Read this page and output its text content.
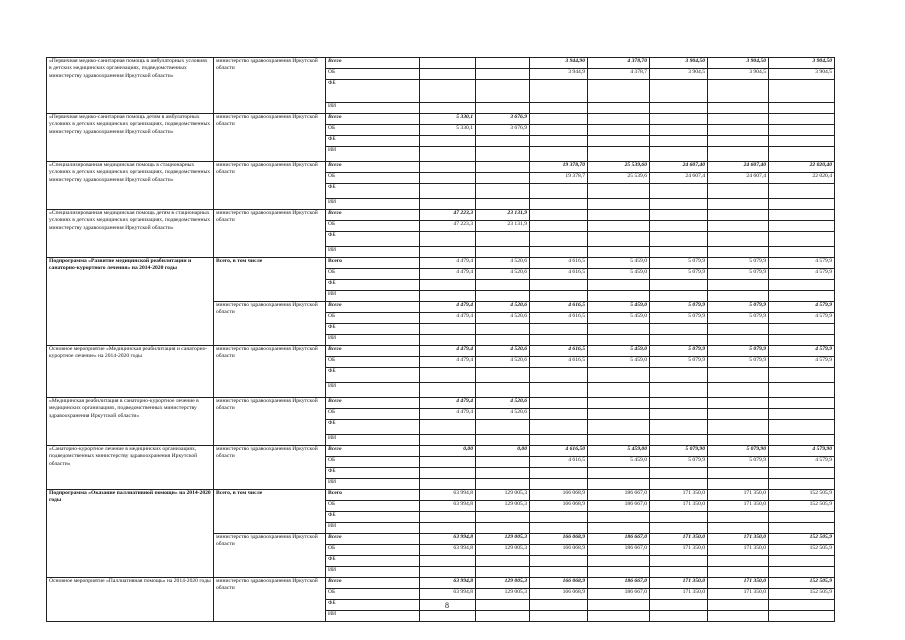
«Первичная медико-санитарная помощь в амбулаторных условиях в детских медицинских организациях, подведомственных министерству здравоохранения Иркутской области»	министерство здравоохранения Иркутской области	Всего			3 944,90	4 378,70	3 904,50	3 904,50	3 904,50
		ОБ			3 944,9	4 378,7	3 904,5	3 904,5	3 904,5
		ФБ							
		ИИ							
«Первичная медико-санитарная помощь детям в амбулаторных условиях в детских медицинских организациях, подведомственных министерству здравоохранения Иркутской области»	министерство здравоохранения Иркутской области	Всего	5 330,1	3 676,9					
		ОБ	5 330,1	3 676,9					
		ФБ							
		ИИ							
«Специализированная медицинская помощь в стационарных условиях в детских медицинских организациях, подведомственных министерству здравоохранения Иркутской области»	министерство здравоохранения Иркутской области	Всего			19 378,70	25 539,60	24 607,40	24 607,40	22 020,40
		ОБ			19 378,7	25 539,6	24 607,4	24 607,4	22 020,4
		ФБ							
		ИИ							
«Специализированная медицинская помощь детям в стационарных условиях в детских медицинских организациях, подведомственных министерству здравоохранения Иркутской области»	министерство здравоохранения Иркутской области	Всего	47 223,3	23 131,9					
		ОБ	47 223,3	23 131,9					
		ФБ							
		ИИ							
Подпрограмма «Развитие медицинской реабилитации и санаторно-курортного лечения» на 2014-2020 годы	Всего, в том числе	Всего	4 479,4	4 520,6	4 616,5	5 459,0	5 079,9	5 079,9	4 579,9
		ОБ	4 479,4	4 520,6	4 616,5	5 459,0	5 079,9	5 079,9	4 579,9
		ФБ							
		ИИ							
	министерство здравоохранения Иркутской области	Всего	4 479,4	4 520,6	4 616,5	5 459,0	5 079,9	5 079,9	4 579,9
		ОБ	4 479,4	4 520,6	4 616,5	5 459,0	5 079,9	5 079,9	4 579,9
		ФБ							
		ИИ							
Основное мероприятие «Медицинская реабилитация и санаторно-курортное лечение» на 2014-2020 годы	министерство здравоохранения Иркутской области	Всего	4 479,4	4 520,6	4 616,5	5 459,0	5 079,9	5 079,9	4 579,9
		ОБ	4 479,4	4 520,6	4 616,5	5 459,0	5 079,9	5 079,9	4 579,9
		ФБ							
		ИИ							
«Медицинская реабилитация в санаторно-курортное лечение в медицинских организациях, подведомственных министерству здравоохранения Иркутской области»	министерство здравоохранения Иркутской области	Всего	4 479,4	4 520,6					
		ОБ	4 479,4	4 520,6					
		ФБ							
		ИИ							
«Санаторно-курортное лечение в медицинских организациях, подведомственных министерству здравоохранения Иркутской области»	министерство здравоохранения Иркутской области	Всего	0,00	0,00	4 616,50	5 459,00	5 079,90	5 079,90	4 579,90
		ОБ			4 616,5	5 459,0	5 079,9	5 079,9	4 579,9
		ФБ							
		ИИ							
Подпрограмма «Оказание паллиативной помощи» на 2014-2020 годы	Всего, в том числе	Всего	63 994,8	129 005,3	166 068,9	186 667,0	171 350,0	171 350,0	152 505,9
		ОБ	63 994,8	129 005,3	166 068,9	186 667,0	171 350,0	171 350,0	152 505,9
		ФБ							
		ИИ							
	министерство здравоохранения Иркутской области	Всего	63 994,8	129 005,3	166 068,9	186 667,0	171 350,0	171 350,0	152 505,9
		ОБ	63 994,8	129 005,3	166 068,9	186 667,0	171 350,0	171 350,0	152 505,9
		ФБ							
		ИИ							
Основное мероприятие «Паллиативная помощь» на 2014-2020 годы	министерство здравоохранения Иркутской области	Всего	63 994,8	129 005,3	166 068,9	186 667,0	171 350,0	171 350,0	152 505,9
		ОБ	63 994,8	129 005,3	166 068,9	186 667,0	171 350,0	171 350,0	152 505,9
		ФБ							
		ИИ							
8
